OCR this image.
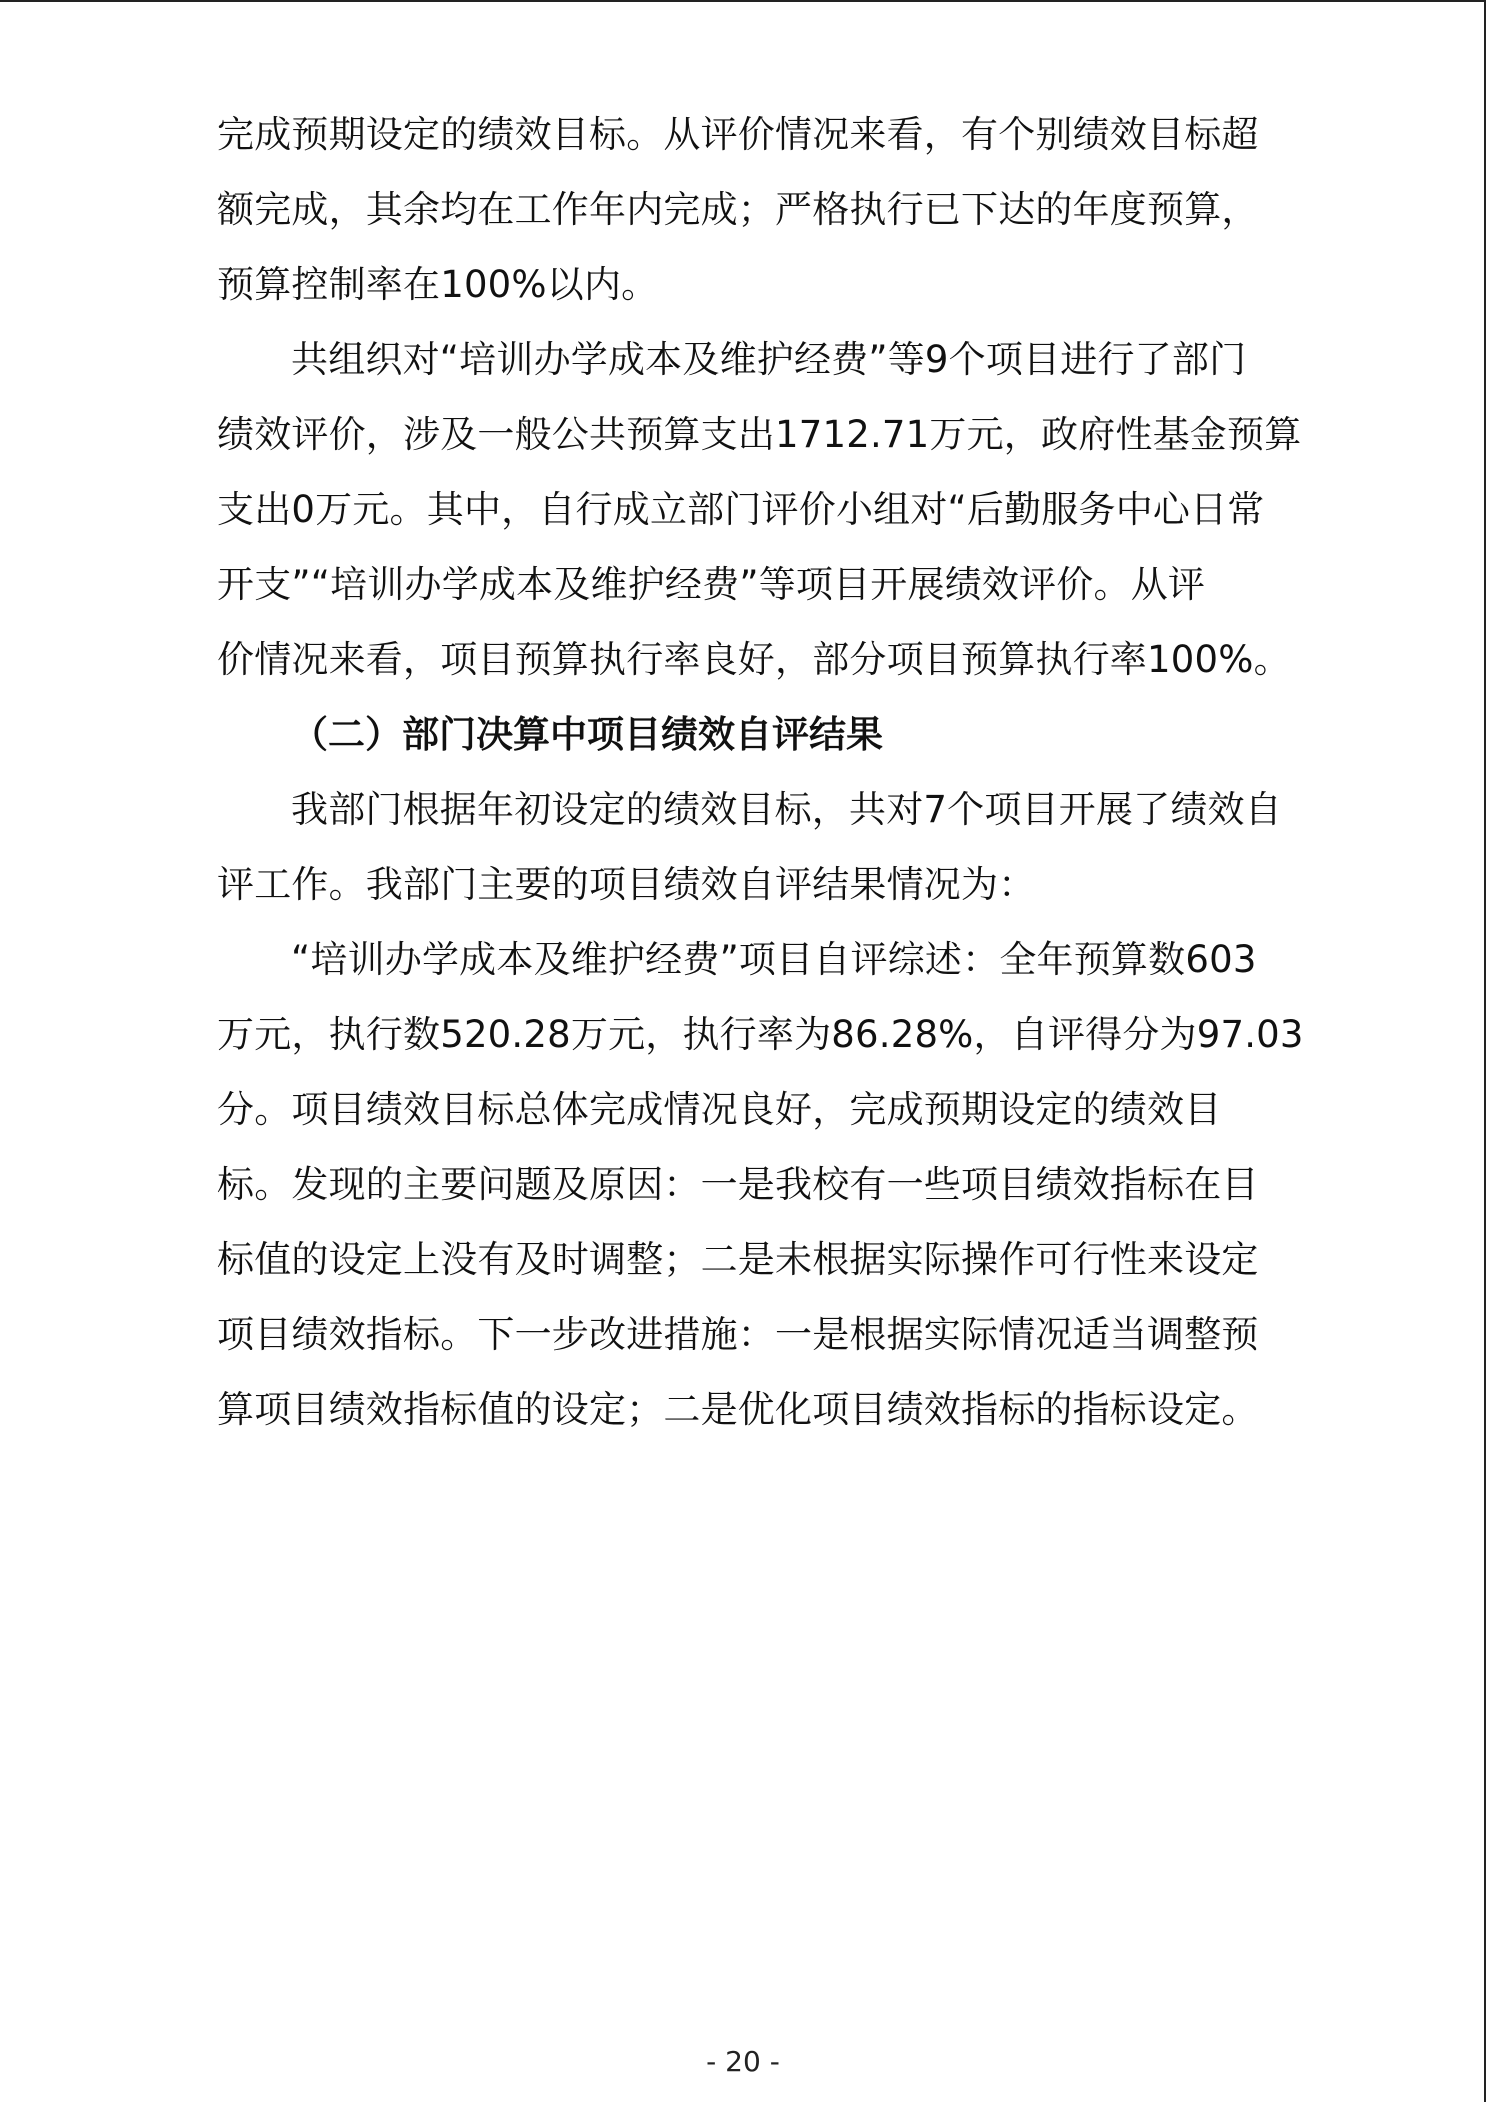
完成预期设定的绩效目标。从评价情况来看，有个别绩效目标超
额完成，其余均在工作年内完成；严格执行已下达的年度预算，
预算控制率在100%以内。

共组织对“培训办学成本及维护经费”等9个项目进行了部门
绩效评价，涉及一般公共预算支出1712.71万元，政府性基金预算
支出0万元。其中，自行成立部门评价小组对“后勤服务中心日常
开支”“培训办学成本及维护经费”等项目开展绩效评价。从评
价情况来看，项目预算执行率良好，部分项目预算执行率100%。

（二）部门决算中项目绩效自评结果

我部门根据年初设定的绩效目标，共对7个项目开展了绩效自
评工作。我部门主要的项目绩效自评结果情况为：

“培训办学成本及维护经费”项目自评综述：全年预算数603
万元，执行数520.28万元，执行率为86.28%，自评得分为97.03
分。项目绩效目标总体完成情况良好，完成预期设定的绩效目
标。发现的主要问题及原因：一是我校有一些项目绩效指标在目
标值的设定上没有及时调整；二是未根据实际操作可行性来设定
项目绩效指标。下一步改进措施：一是根据实际情况适当调整预
算项目绩效指标值的设定；二是优化项目绩效指标的指标设定。

- 20 -
